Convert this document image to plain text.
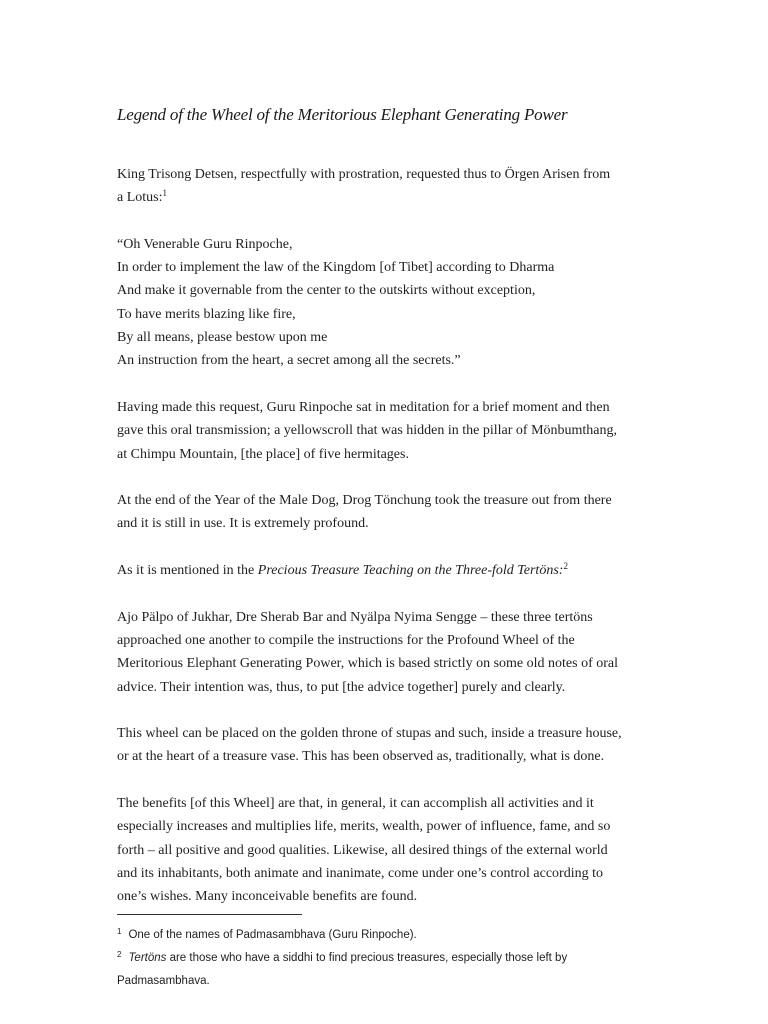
Legend of the Wheel of the Meritorious Elephant Generating Power

King Trisong Detsen, respectfully with prostration, requested thus to Örgen Arisen from
a Lotus:$^1$

“Oh Venerable Guru Rinpoche,
In order to implement the law of the Kingdom [of Tibet] according to Dharma
And make it governable from the center to the outskirts without exception,
To have merits blazing like fire,
By all means, please bestow upon me
An instruction from the heart, a secret among all the secrets.”

Having made this request, Guru Rinpoche sat in meditation for a brief moment and then
gave this oral transmission; a yellowscroll that was hidden in the pillar of Mönbumthang,
at Chimpu Mountain, [the place] of five hermitages.

At the end of the Year of the Male Dog, Drog Tönchung took the treasure out from there
and it is still in use. It is extremely profound.

As it is mentioned in the Precious Treasure Teaching on the Three-fold Tertöns:$^2$

Ajo Pälpo of Jukhar, Dre Sherab Bar and Nyälpa Nyima Sengge – these three tertöns
approached one another to compile the instructions for the Profound Wheel of the
Meritorious Elephant Generating Power, which is based strictly on some old notes of oral
advice. Their intention was, thus, to put [the advice together] purely and clearly.

This wheel can be placed on the golden throne of stupas and such, inside a treasure house,
or at the heart of a treasure vase. This has been observed as, traditionally, what is done.

The benefits [of this Wheel] are that, in general, it can accomplish all activities and it
especially increases and multiplies life, merits, wealth, power of influence, fame, and so
forth – all positive and good qualities. Likewise, all desired things of the external world
and its inhabitants, both animate and inanimate, come under one’s control according to
one’s wishes. Many inconceivable benefits are found.

$^1$ One of the names of Padmasambhava (Guru Rinpoche).

$^2$ Tertöns are those who have a siddhi to find precious treasures, especially those left by
Padmasambhava.
